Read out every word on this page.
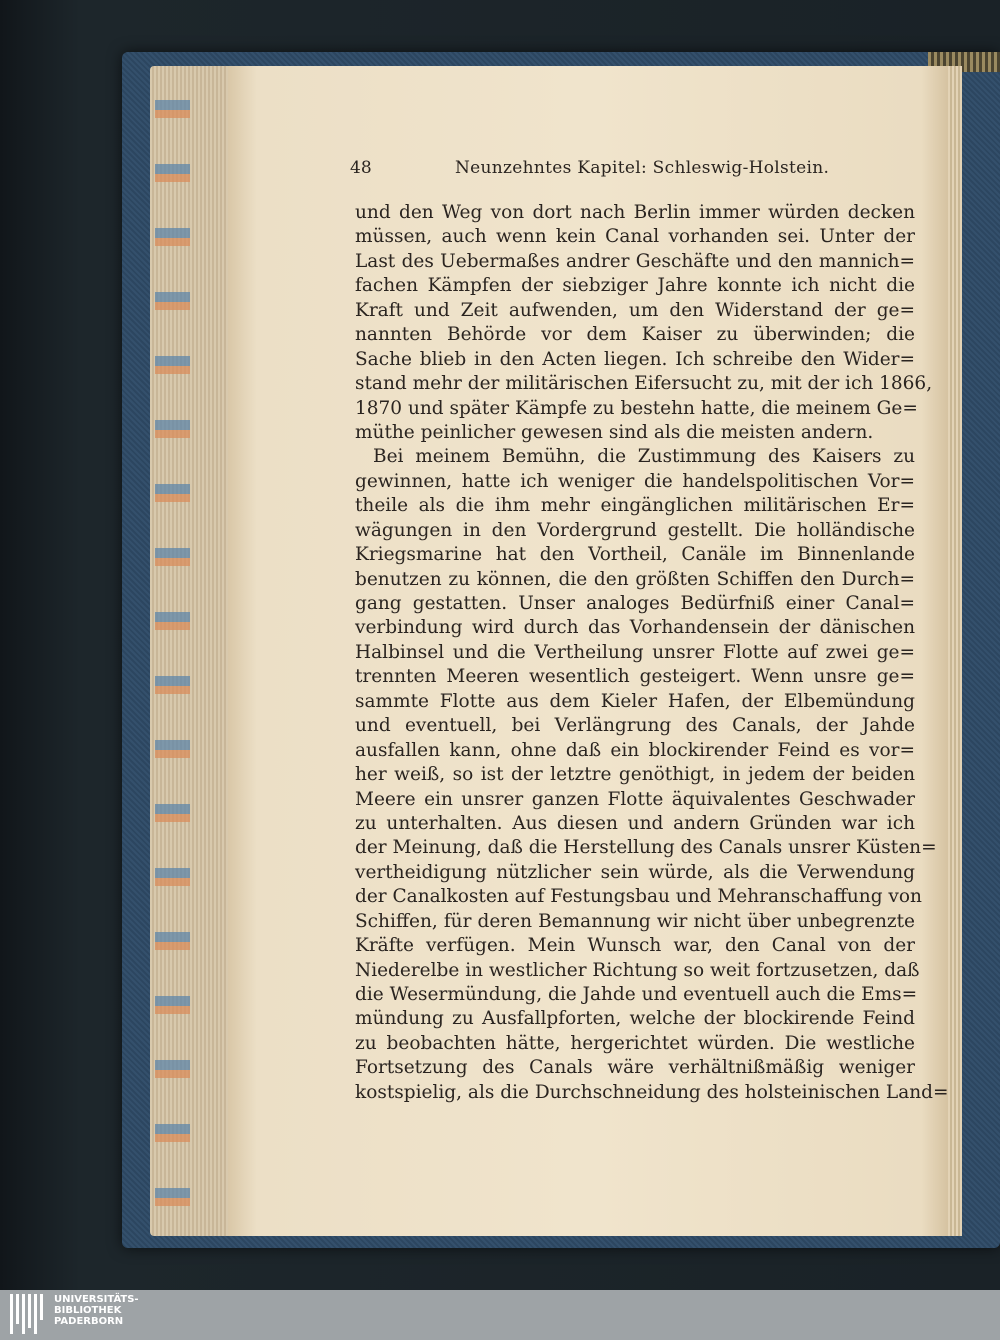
48	Neunzehntes Kapitel: Schleswig-Holstein.
und den Weg von dort nach Berlin immer würden decken
müssen, auch wenn kein Canal vorhanden sei. Unter der
Last des Uebermaßes andrer Geschäfte und den mannich=
fachen Kämpfen der siebziger Jahre konnte ich nicht die
Kraft und Zeit aufwenden, um den Widerstand der ge=
nannten Behörde vor dem Kaiser zu überwinden; die
Sache blieb in den Acten liegen. Ich schreibe den Wider=
stand mehr der militärischen Eifersucht zu, mit der ich 1866,
1870 und später Kämpfe zu bestehn hatte, die meinem Ge=
müthe peinlicher gewesen sind als die meisten andern.
Bei meinem Bemühn, die Zustimmung des Kaisers zu
gewinnen, hatte ich weniger die handelspolitischen Vor=
theile als die ihm mehr eingänglichen militärischen Er=
wägungen in den Vordergrund gestellt. Die holländische
Kriegsmarine hat den Vortheil, Canäle im Binnenlande
benutzen zu können, die den größten Schiffen den Durch=
gang gestatten. Unser analoges Bedürfniß einer Canal=
verbindung wird durch das Vorhandensein der dänischen
Halbinsel und die Vertheilung unsrer Flotte auf zwei ge=
trennten Meeren wesentlich gesteigert. Wenn unsre ge=
sammte Flotte aus dem Kieler Hafen, der Elbemündung
und eventuell, bei Verlängrung des Canals, der Jahde
ausfallen kann, ohne daß ein blockirender Feind es vor=
her weiß, so ist der letztre genöthigt, in jedem der beiden
Meere ein unsrer ganzen Flotte äquivalentes Geschwader
zu unterhalten. Aus diesen und andern Gründen war ich
der Meinung, daß die Herstellung des Canals unsrer Küsten=
vertheidigung nützlicher sein würde, als die Verwendung
der Canalkosten auf Festungsbau und Mehranschaffung von
Schiffen, für deren Bemannung wir nicht über unbegrenzte
Kräfte verfügen. Mein Wunsch war, den Canal von der
Niederelbe in westlicher Richtung so weit fortzusetzen, daß
die Wesermündung, die Jahde und eventuell auch die Ems=
mündung zu Ausfallpforten, welche der blockirende Feind
zu beobachten hätte, hergerichtet würden. Die westliche
Fortsetzung des Canals wäre verhältnißmäßig weniger
kostspielig, als die Durchschneidung des holsteinischen Land=
UNIVERSITÄTS-
BIBLIOTHEK
PADERBORN
